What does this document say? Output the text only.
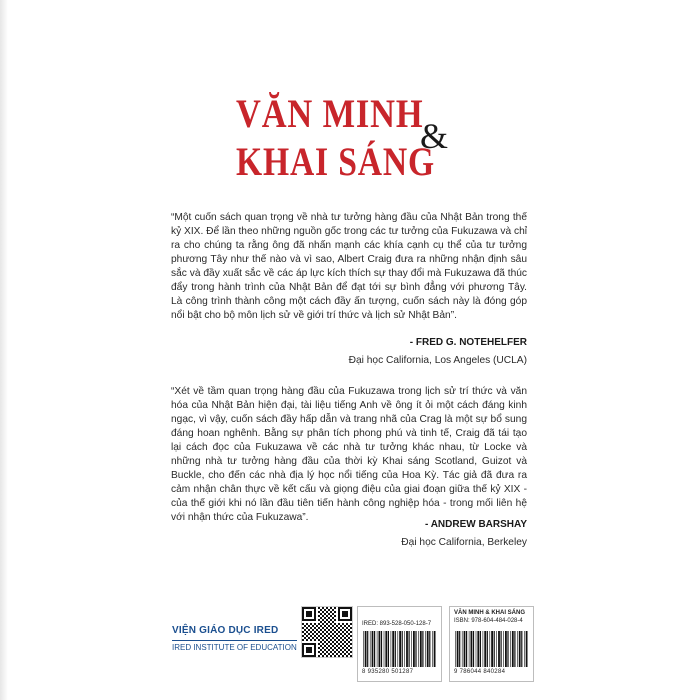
VĂN MINH
&
KHAI SÁNG

“Một cuốn sách quan trọng về nhà tư tưởng hàng đầu của Nhật Bản trong thế kỷ XIX. Để lần theo những nguồn gốc trong các tư tưởng của Fukuzawa và chỉ ra cho chúng ta rằng ông đã nhấn mạnh các khía cạnh cụ thể của tư tưởng phương Tây như thế nào và vì sao, Albert Craig đưa ra những nhận định sâu sắc và đầy xuất sắc về các áp lực kích thích sự thay đổi mà Fukuzawa đã thúc đẩy trong hành trình của Nhật Bản để đạt tới sự bình đẳng với phương Tây. Là công trình thành công một cách đầy ấn tượng, cuốn sách này là đóng góp nổi bật cho bộ môn lịch sử về giới trí thức và lịch sử Nhật Bản”.

- FRED G. NOTEHELFER
Đại học California, Los Angeles (UCLA)

“Xét về tầm quan trọng hàng đầu của Fukuzawa trong lịch sử trí thức và văn hóa của Nhật Bản hiện đại, tài liệu tiếng Anh về ông ít ỏi một cách đáng kinh ngạc, vì vậy, cuốn sách đầy hấp dẫn và trang nhã của Crag là một sự bổ sung đáng hoan nghênh. Bằng sự phân tích phong phú và tinh tế, Craig đã tái tạo lại cách đọc của Fukuzawa về các nhà tư tưởng khác nhau, từ Locke và những nhà tư tưởng hàng đầu của thời kỳ Khai sáng Scotland, Guizot và Buckle, cho đến các nhà địa lý học nổi tiếng của Hoa Kỳ. Tác giả đã đưa ra cảm nhận chân thực về kết cấu và giọng điệu của giai đoạn giữa thế kỷ XIX - của thế giới khi nó lần đầu tiên tiến hành công nghiệp hóa - trong mối liên hệ với nhận thức của Fukuzawa”.

- ANDREW BARSHAY
Đại học California, Berkeley
VIỆN GIÁO DỤC IRED
IRED INSTITUTE OF EDUCATION
IRED: 893-528-050-128-7
8 935280 501287
VĂN MINH & KHAI SÁNG
ISBN: 978-604-484-028-4
9 786044 840284
